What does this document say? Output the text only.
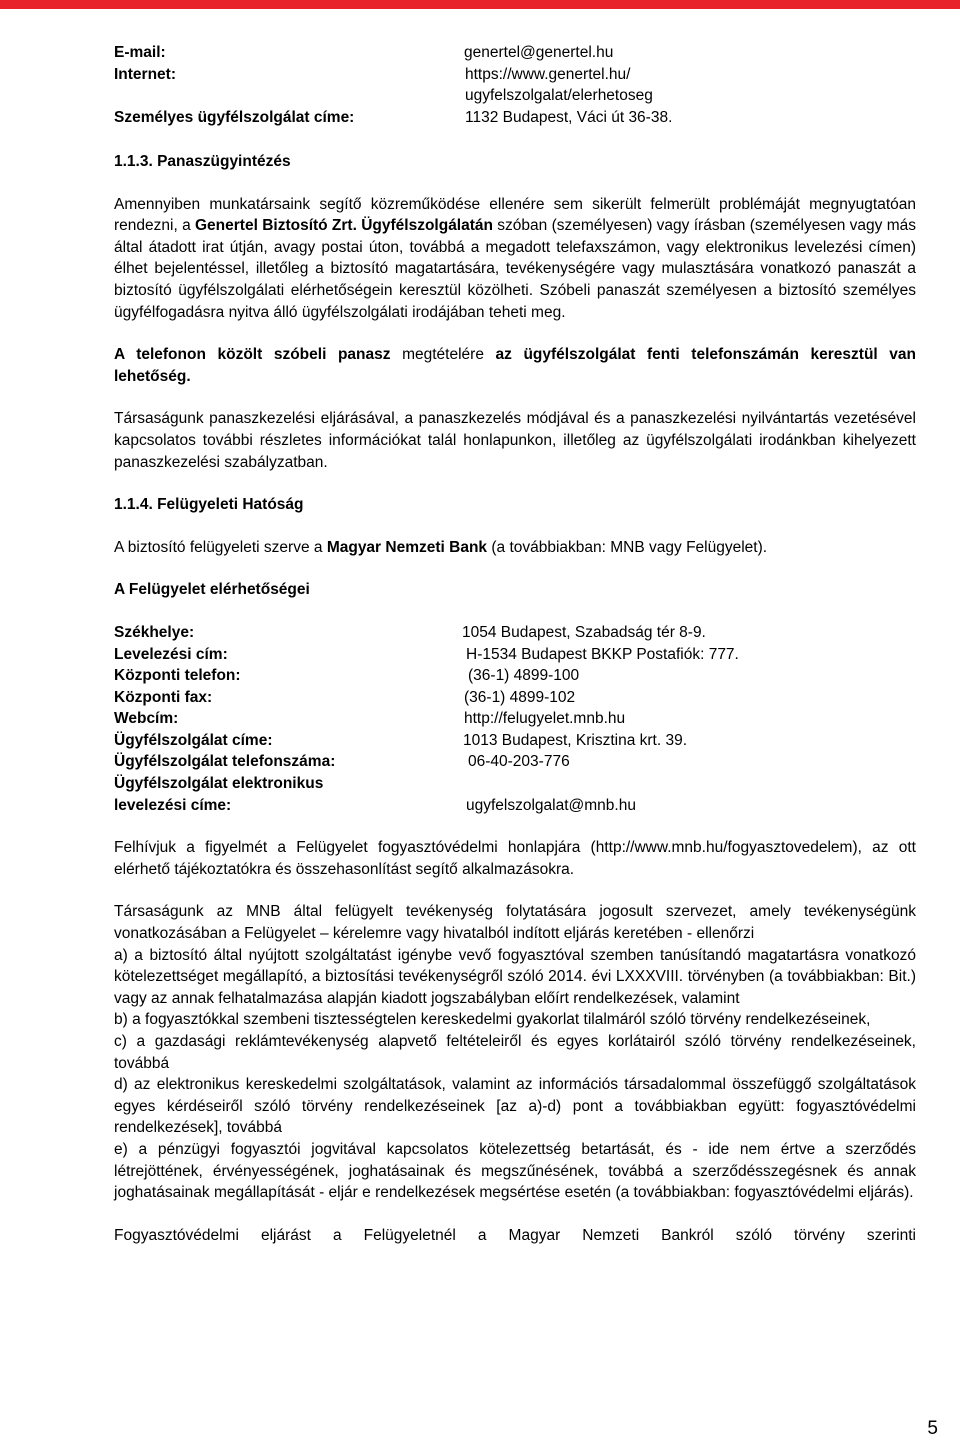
E-mail:	genertel@genertel.hu
Internet:	https://www.genertel.hu/
ugyfelszolgalat/elerhetoseg
Személyes ügyfélszolgálat címe:	1132 Budapest, Váci út 36-38.

1.1.3. Panaszügyintézés

Amennyiben munkatársaink segítő közreműködése ellenére sem sikerült felmerült problémáját megnyugtatóan rendezni, a Genertel Biztosító Zrt. Ügyfélszolgálatán szóban (személyesen) vagy írásban (személyesen vagy más által átadott irat útján, avagy postai úton, továbbá a megadott telefaxszámon, vagy elektronikus levelezési címen) élhet bejelentéssel, illetőleg a biztosító magatartására, tevékenységére vagy mulasztására vonatkozó panaszát a biztosító ügyfélszolgálati elérhetőségein keresztül közölheti. Szóbeli panaszát személyesen a biztosító személyes ügyfélfogadásra nyitva álló ügyfélszolgálati irodájában teheti meg.

A telefonon közölt szóbeli panasz megtételére az ügyfélszolgálat fenti telefonszámán keresztül van lehetőség.

Társaságunk panaszkezelési eljárásával, a panaszkezelés módjával és a panaszkezelési nyilvántartás vezetésével kapcsolatos további részletes információkat talál honlapunkon, illetőleg az ügyfélszolgálati irodánkban kihelyezett panaszkezelési szabályzatban.

1.1.4. Felügyeleti Hatóság

A biztosító felügyeleti szerve a Magyar Nemzeti Bank (a továbbiakban: MNB vagy Felügyelet).

A Felügyelet elérhetőségei

Székhelye:	1054 Budapest, Szabadság tér 8-9.
Levelezési cím:	H-1534 Budapest BKKP Postafiók: 777.
Központi telefon:	(36-1) 4899-100
Központi fax:	(36-1) 4899-102
Webcím:	http://felugyelet.mnb.hu
Ügyfélszolgálat címe:	1013 Budapest, Krisztina krt. 39.
Ügyfélszolgálat telefonszáma:	06-40-203-776
Ügyfélszolgálat elektronikus
levelezési címe:	ugyfelszolgalat@mnb.hu

Felhívjuk a figyelmét a Felügyelet fogyasztóvédelmi honlapjára (http://www.mnb.hu/fogyasztovedelem), az ott elérhető tájékoztatókra és összehasonlítást segítő alkalmazásokra.

Társaságunk az MNB által felügyelt tevékenység folytatására jogosult szervezet, amely tevékenységünk vonatkozásában a Felügyelet – kérelemre vagy hivatalból indított eljárás keretében - ellenőrzi

a) a biztosító által nyújtott szolgáltatást igénybe vevő fogyasztóval szemben tanúsítandó magatartásra vonatkozó kötelezettséget megállapító, a biztosítási tevékenységről szóló 2014. évi LXXXVIII. törvényben (a továbbiakban: Bit.) vagy az annak felhatalmazása alapján kiadott jogszabályban előírt rendelkezések, valamint

b) a fogyasztókkal szembeni tisztességtelen kereskedelmi gyakorlat tilalmáról szóló törvény rendelkezéseinek,

c) a gazdasági reklámtevékenység alapvető feltételeiről és egyes korlátairól szóló törvény rendelkezéseinek, továbbá

d) az elektronikus kereskedelmi szolgáltatások, valamint az információs társadalommal összefüggő szolgáltatások egyes kérdéseiről szóló törvény rendelkezéseinek [az a)-d) pont a továbbiakban együtt: fogyasztóvédelmi rendelkezések], továbbá

e) a pénzügyi fogyasztói jogvitával kapcsolatos kötelezettség betartását, és - ide nem értve a szerződés létrejöttének, érvényességének, joghatásainak és megszűnésének, továbbá a szerződésszegésnek és annak joghatásainak megállapítását - eljár e rendelkezések megsértése esetén (a továbbiakban: fogyasztóvédelmi eljárás).

Fogyasztóvédelmi eljárást a Felügyeletnél a Magyar Nemzeti Bankról szóló törvény szerinti

5
